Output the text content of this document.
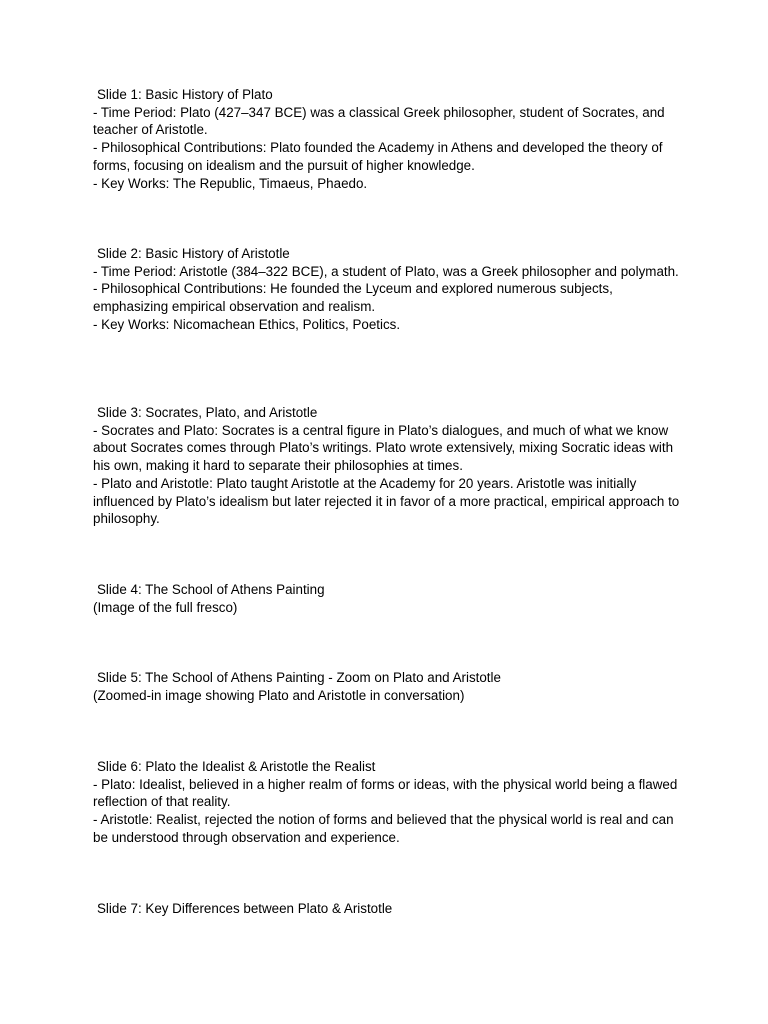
Slide 1: Basic History of Plato
- Time Period: Plato (427–347 BCE) was a classical Greek philosopher, student of Socrates, and teacher of Aristotle.
- Philosophical Contributions: Plato founded the Academy in Athens and developed the theory of forms, focusing on idealism and the pursuit of higher knowledge.
- Key Works: The Republic, Timaeus, Phaedo.
Slide 2: Basic History of Aristotle
- Time Period: Aristotle (384–322 BCE), a student of Plato, was a Greek philosopher and polymath.
- Philosophical Contributions: He founded the Lyceum and explored numerous subjects, emphasizing empirical observation and realism.
- Key Works: Nicomachean Ethics, Politics, Poetics.
Slide 3: Socrates, Plato, and Aristotle
- Socrates and Plato: Socrates is a central figure in Plato’s dialogues, and much of what we know about Socrates comes through Plato’s writings. Plato wrote extensively, mixing Socratic ideas with his own, making it hard to separate their philosophies at times.
- Plato and Aristotle: Plato taught Aristotle at the Academy for 20 years. Aristotle was initially influenced by Plato’s idealism but later rejected it in favor of a more practical, empirical approach to philosophy.
Slide 4: The School of Athens Painting
(Image of the full fresco)
Slide 5: The School of Athens Painting - Zoom on Plato and Aristotle
(Zoomed-in image showing Plato and Aristotle in conversation)
Slide 6: Plato the Idealist & Aristotle the Realist
- Plato: Idealist, believed in a higher realm of forms or ideas, with the physical world being a flawed reflection of that reality.
- Aristotle: Realist, rejected the notion of forms and believed that the physical world is real and can be understood through observation and experience.
Slide 7: Key Differences between Plato & Aristotle
